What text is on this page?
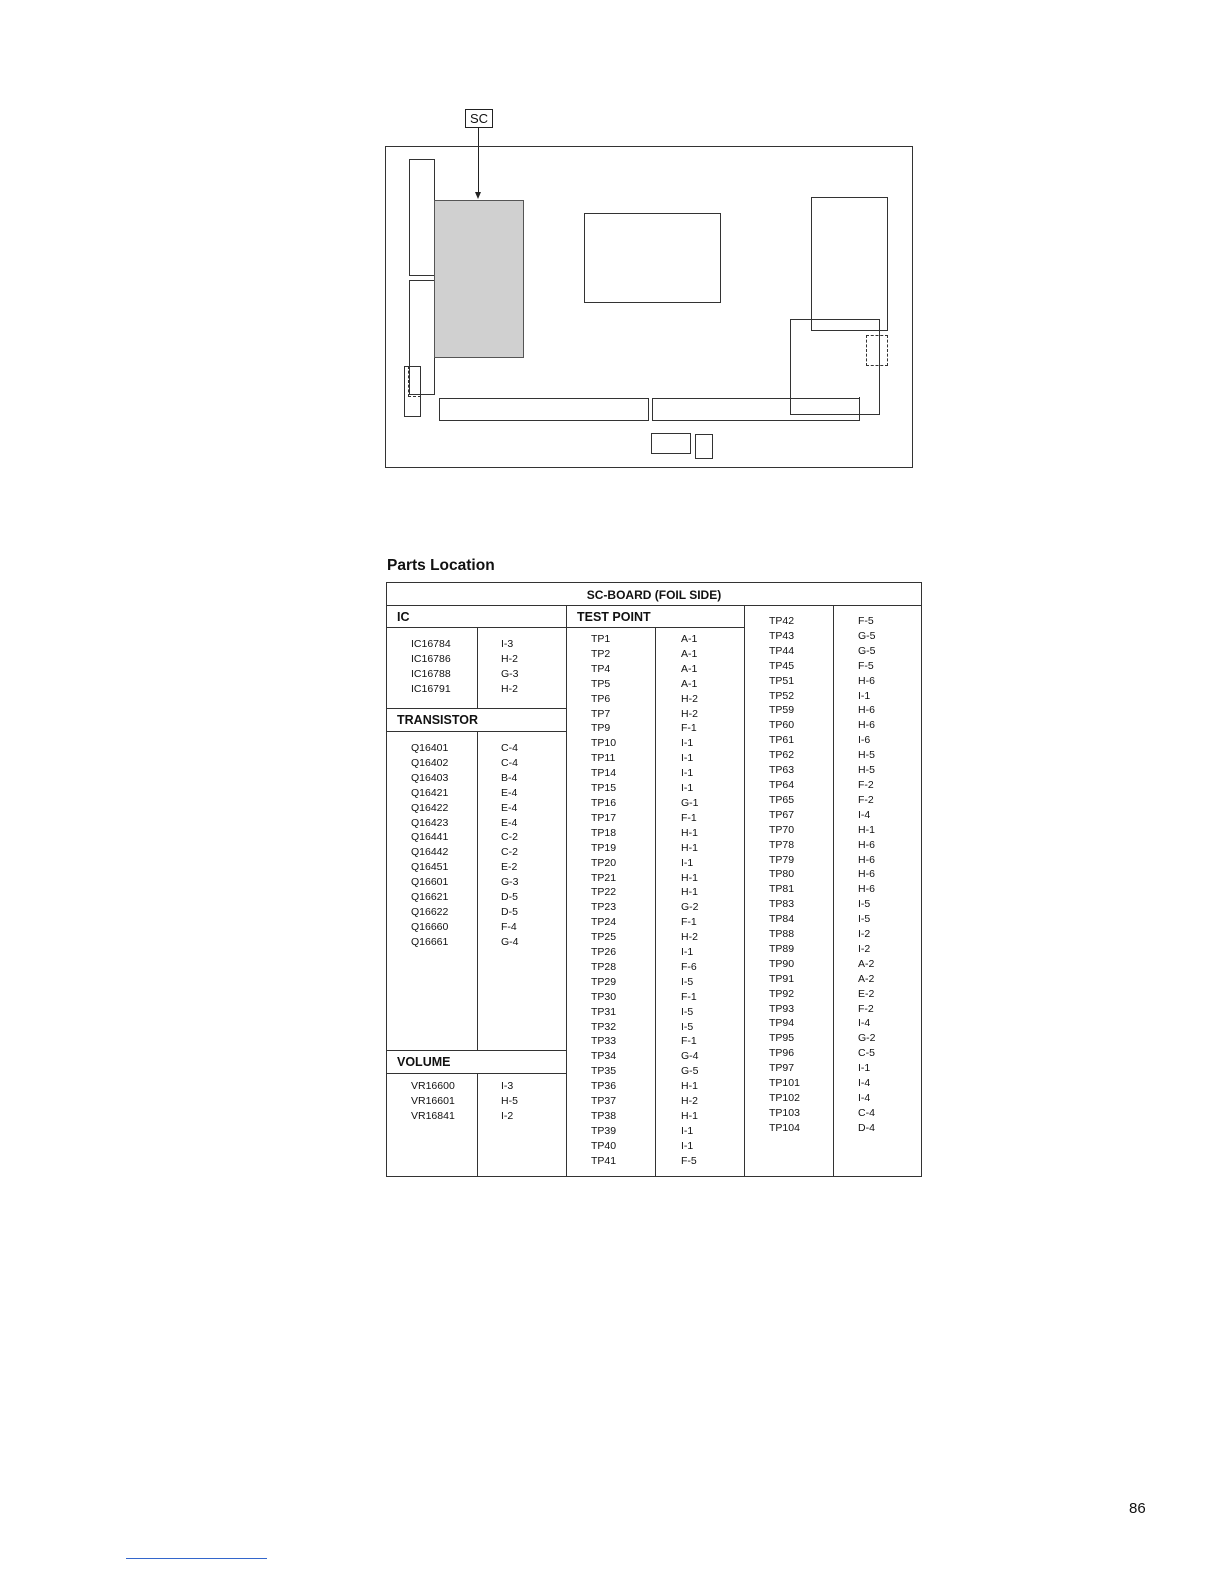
SC
Parts Location
SC-BOARD (FOIL SIDE)
IC	TEST POINT
TRANSISTOR
VOLUME
IC16784
IC16786
IC16788
IC16791
I-3
H-2
G-3
H-2
Q16401
Q16402
Q16403
Q16421
Q16422
Q16423
Q16441
Q16442
Q16451
Q16601
Q16621
Q16622
Q16660
Q16661
C-4
C-4
B-4
E-4
E-4
E-4
C-2
C-2
E-2
G-3
D-5
D-5
F-4
G-4
VR16600
VR16601
VR16841
I-3
H-5
I-2
TP1
TP2
TP4
TP5
TP6
TP7
TP9
TP10
TP11
TP14
TP15
TP16
TP17
TP18
TP19
TP20
TP21
TP22
TP23
TP24
TP25
TP26
TP28
TP29
TP30
TP31
TP32
TP33
TP34
TP35
TP36
TP37
TP38
TP39
TP40
TP41
A-1
A-1
A-1
A-1
H-2
H-2
F-1
I-1
I-1
I-1
I-1
G-1
F-1
H-1
H-1
I-1
H-1
H-1
G-2
F-1
H-2
I-1
F-6
I-5
F-1
I-5
I-5
F-1
G-4
G-5
H-1
H-2
H-1
I-1
I-1
F-5
TP42
TP43
TP44
TP45
TP51
TP52
TP59
TP60
TP61
TP62
TP63
TP64
TP65
TP67
TP70
TP78
TP79
TP80
TP81
TP83
TP84
TP88
TP89
TP90
TP91
TP92
TP93
TP94
TP95
TP96
TP97
TP101
TP102
TP103
TP104
F-5
G-5
G-5
F-5
H-6
I-1
H-6
H-6
I-6
H-5
H-5
F-2
F-2
I-4
H-1
H-6
H-6
H-6
H-6
I-5
I-5
I-2
I-2
A-2
A-2
E-2
F-2
I-4
G-2
C-5
I-1
I-4
I-4
C-4
D-4
86
